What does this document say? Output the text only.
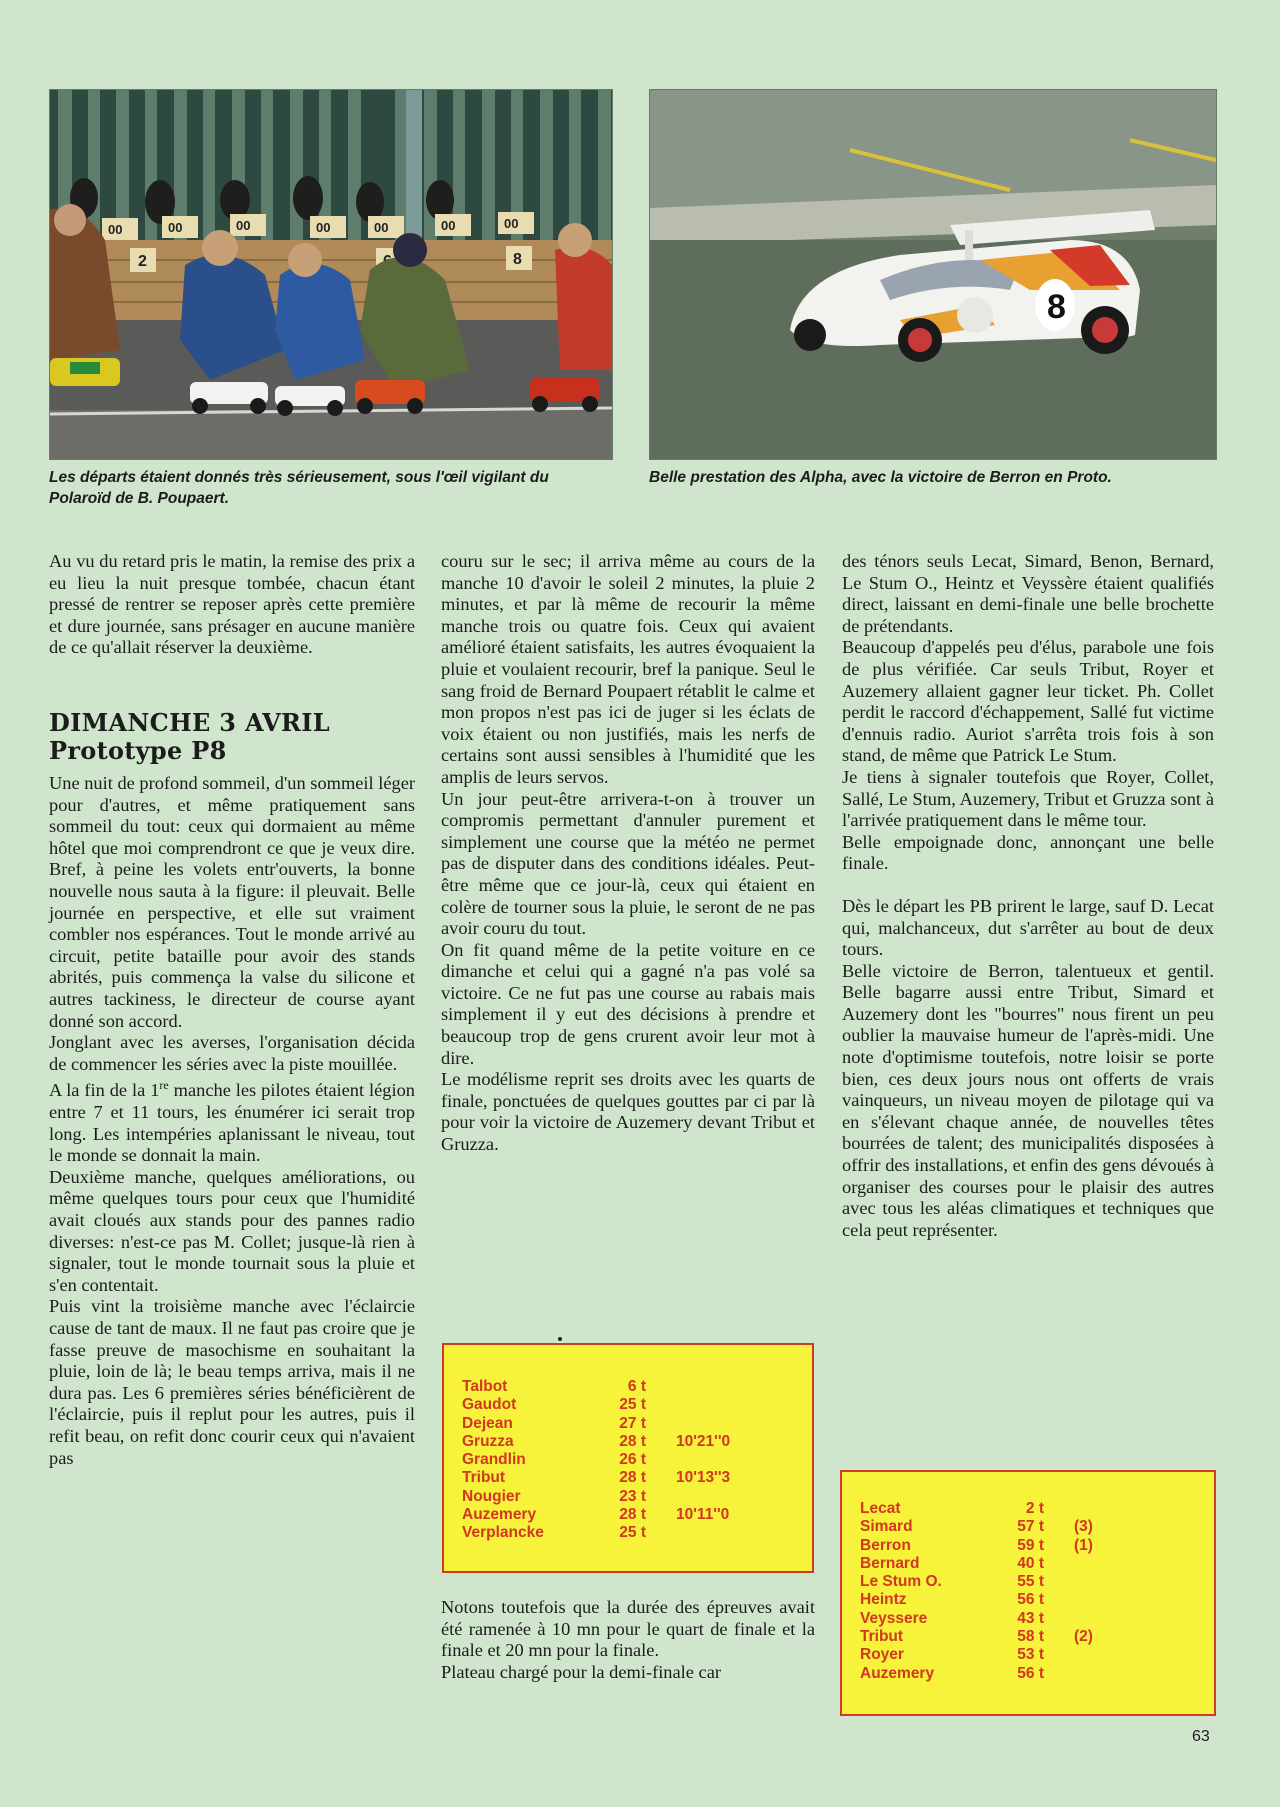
00	00	00	00	00	00	00
2	8
8
Les départs étaient donnés très sérieusement, sous l'œil vigilant du Polaroïd de B. Poupaert.
Belle prestation des Alpha, avec la victoire de Berron en Proto.

Au vu du retard pris le matin, la remise des prix a eu lieu la nuit presque tombée, chacun étant pressé de rentrer se reposer après cette première et dure journée, sans présager en aucune manière de ce qu'allait réserver la deuxième.

DIMANCHE 3 AVRIL
Prototype P8

Une nuit de profond sommeil, d'un sommeil léger pour d'autres, et même pratiquement sans sommeil du tout: ceux qui dormaient au même hôtel que moi comprendront ce que je veux dire. Bref, à peine les volets entr'ouverts, la bonne nouvelle nous sauta à la figure: il pleuvait. Belle journée en perspective, et elle sut vraiment combler nos espérances. Tout le monde arrivé au circuit, petite bataille pour avoir des stands abrités, puis commença la valse du silicone et autres tackiness, le directeur de course ayant donné son accord.

Jonglant avec les averses, l'organisation décida de commencer les séries avec la piste mouillée.

A la fin de la 1re manche les pilotes étaient légion entre 7 et 11 tours, les énumérer ici serait trop long. Les intempéries aplanissant le niveau, tout le monde se donnait la main.

Deuxième manche, quelques améliorations, ou même quelques tours pour ceux que l'humidité avait cloués aux stands pour des pannes radio diverses: n'est-ce pas M. Collet; jusque-là rien à signaler, tout le monde tournait sous la pluie et s'en contentait.

Puis vint la troisième manche avec l'éclaircie cause de tant de maux. Il ne faut pas croire que je fasse preuve de masochisme en souhaitant la pluie, loin de là; le beau temps arriva, mais il ne dura pas. Les 6 premières séries bénéficièrent de l'éclaircie, puis il replut pour les autres, puis il refit beau, on refit donc courir ceux qui n'avaient pas

couru sur le sec; il arriva même au cours de la manche 10 d'avoir le soleil 2 minutes, la pluie 2 minutes, et par là même de recourir la même manche trois ou quatre fois. Ceux qui avaient amélioré étaient satisfaits, les autres évoquaient la pluie et voulaient recourir, bref la panique. Seul le sang froid de Bernard Poupaert rétablit le calme et mon propos n'est pas ici de juger si les éclats de voix étaient ou non justifiés, mais les nerfs de certains sont aussi sensibles à l'humidité que les amplis de leurs servos.

Un jour peut-être arrivera-t-on à trouver un compromis permettant d'annuler purement et simplement une course que la météo ne permet pas de disputer dans des conditions idéales. Peut-être même que ce jour-là, ceux qui étaient en colère de tourner sous la pluie, le seront de ne pas avoir couru du tout.

On fit quand même de la petite voiture en ce dimanche et celui qui a gagné n'a pas volé sa victoire. Ce ne fut pas une course au rabais mais simplement il y eut des décisions à prendre et beaucoup trop de gens crurent avoir leur mot à dire.

Le modélisme reprit ses droits avec les quarts de finale, ponctuées de quelques gouttes par ci par là pour voir la victoire de Auzemery devant Tribut et Gruzza.

Notons toutefois que la durée des épreuves avait été ramenée à 10 mn pour le quart de finale et la finale et 20 mn pour la finale.

Plateau chargé pour la demi-finale car

des ténors seuls Lecat, Simard, Benon, Bernard, Le Stum O., Heintz et Veyssère étaient qualifiés direct, laissant en demi-finale une belle brochette de prétendants.

Beaucoup d'appelés peu d'élus, parabole une fois de plus vérifiée. Car seuls Tribut, Royer et Auzemery allaient gagner leur ticket. Ph. Collet perdit le raccord d'échappement, Sallé fut victime d'ennuis radio. Auriot s'arrêta trois fois à son stand, de même que Patrick Le Stum.

Je tiens à signaler toutefois que Royer, Collet, Sallé, Le Stum, Auzemery, Tribut et Gruzza sont à l'arrivée pratiquement dans le même tour.

Belle empoignade donc, annonçant une belle finale.

Dès le départ les PB prirent le large, sauf D. Lecat qui, malchanceux, dut s'arrêter au bout de deux tours.

Belle victoire de Berron, talentueux et gentil. Belle bagarre aussi entre Tribut, Simard et Auzemery dont les "bourres" nous firent un peu oublier la mauvaise humeur de l'après-midi. Une note d'optimisme toutefois, notre loisir se porte bien, ces deux jours nous ont offerts de vrais vainqueurs, un niveau moyen de pilotage qui va en s'élevant chaque année, de nouvelles têtes bourrées de talent; des municipalités disposées à offrir des installations, et enfin des gens dévoués à organiser des courses pour le plaisir des autres avec tous les aléas climatiques et techniques que cela peut représenter.

Talbot	6 t	
Gaudot	25 t	
Dejean	27 t	
Gruzza	28 t	10'21''0
Grandlin	26 t	
Tribut	28 t	10'13''3
Nougier	23 t	
Auzemery	28 t	10'11''0
Verplancke	25 t	
Lecat	2 t	
Simard	57 t	(3)
Berron	59 t	(1)
Bernard	40 t	
Le Stum O.	55 t	
Heintz	56 t	
Veyssere	43 t	
Tribut	58 t	(2)
Royer	53 t	
Auzemery	56 t	
63
